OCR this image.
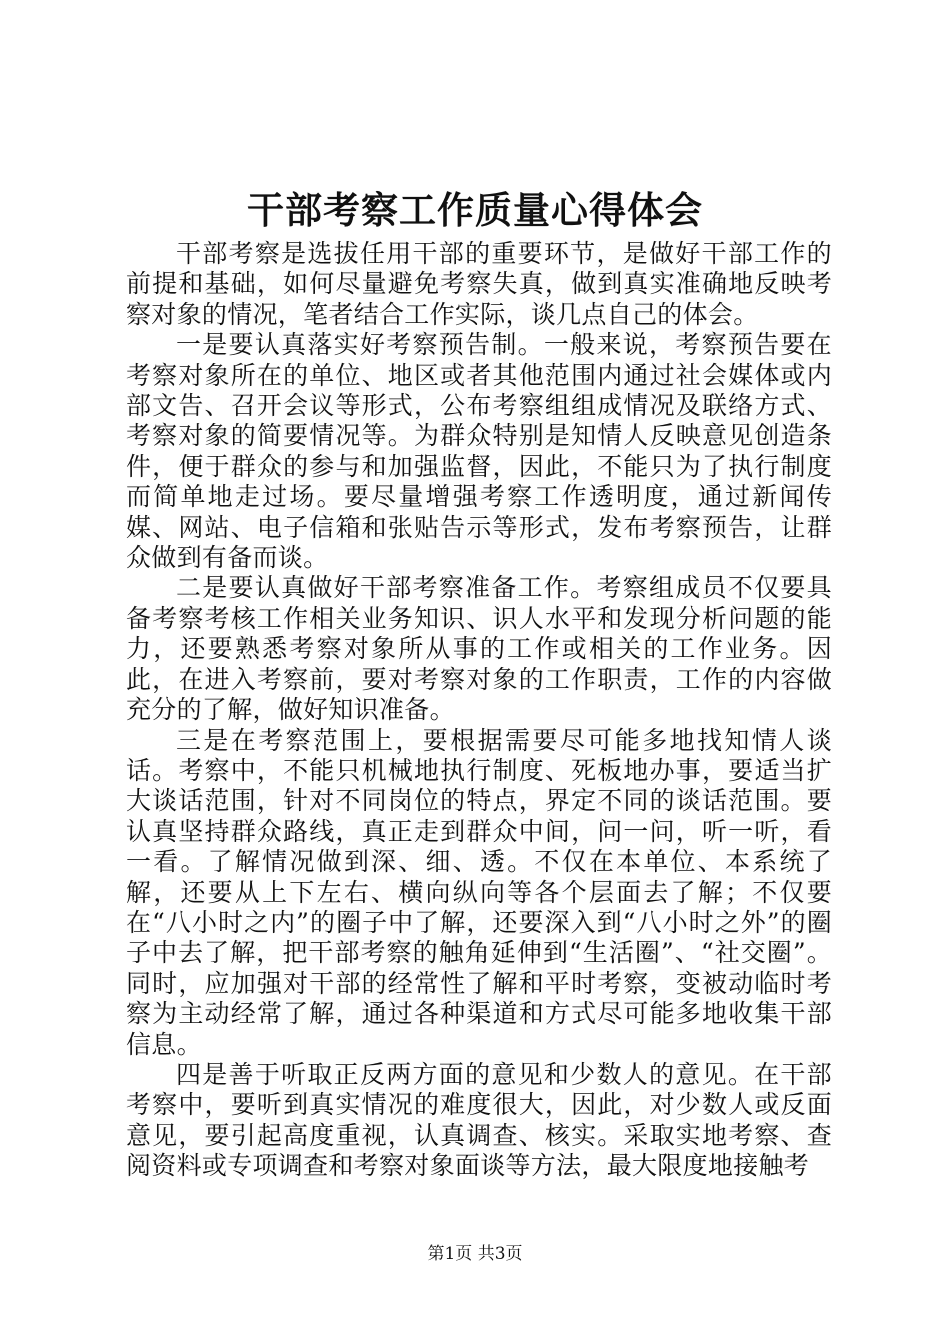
干部考察工作质量心得体会

干部考察是选拔任用干部的重要环节，是做好干部工作的前提和基础，如何尽量避免考察失真，做到真实准确地反映考察对象的情况，笔者结合工作实际，谈几点自己的体会。

一是要认真落实好考察预告制。一般来说，考察预告要在考察对象所在的单位、地区或者其他范围内通过社会媒体或内部文告、召开会议等形式，公布考察组组成情况及联络方式、考察对象的简要情况等。为群众特别是知情人反映意见创造条件，便于群众的参与和加强监督，因此，不能只为了执行制度而简单地走过场。要尽量增强考察工作透明度，通过新闻传媒、网站、电子信箱和张贴告示等形式，发布考察预告，让群众做到有备而谈。

二是要认真做好干部考察准备工作。考察组成员不仅要具备考察考核工作相关业务知识、识人水平和发现分析问题的能力，还要熟悉考察对象所从事的工作或相关的工作业务。因此，在进入考察前，要对考察对象的工作职责，工作的内容做充分的了解，做好知识准备。

三是在考察范围上，要根据需要尽可能多地找知情人谈话。考察中，不能只机械地执行制度、死板地办事，要适当扩大谈话范围，针对不同岗位的特点，界定不同的谈话范围。要认真坚持群众路线，真正走到群众中间，问一问，听一听，看一看。了解情况做到深、细、透。不仅在本单位、本系统了解，还要从上下左右、横向纵向等各个层面去了解；不仅要在“八小时之内”的圈子中了解，还要深入到“八小时之外”的圈子中去了解，把干部考察的触角延伸到“生活圈”、“社交圈”。同时，应加强对干部的经常性了解和平时考察，变被动临时考察为主动经常了解，通过各种渠道和方式尽可能多地收集干部信息。

四是善于听取正反两方面的意见和少数人的意见。在干部考察中，要听到真实情况的难度很大，因此，对少数人或反面意见，要引起高度重视，认真调查、核实。采取实地考察、查阅资料或专项调查和考察对象面谈等方法，最大限度地接触考

第1页 共3页
